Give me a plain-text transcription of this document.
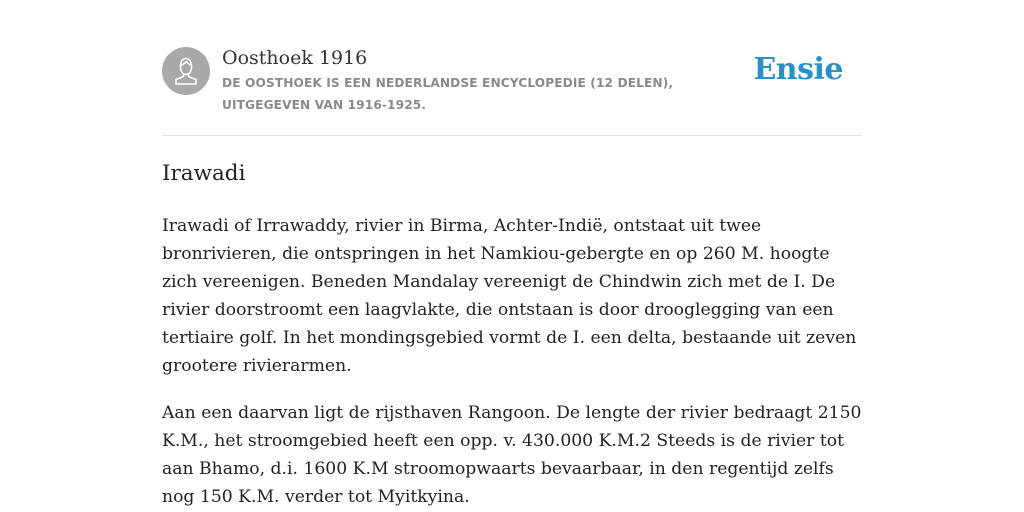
Oosthoek 1916
DE OOSTHOEK IS EEN NEDERLANDSE ENCYCLOPEDIE (12 DELEN), UITGEGEVEN VAN 1916-1925.
Ensie
Irawadi

Irawadi of Irrawaddy, rivier in Birma, Achter-Indië, ontstaat uit twee bronrivieren, die ontspringen in het Namkiou-gebergte en op 260 M. hoogte zich vereenigen. Beneden Mandalay vereenigt de Chindwin zich met de I. De rivier doorstroomt een laagvlakte, die ontstaan is door drooglegging van een tertiaire golf. In het mondingsgebied vormt de I. een delta, bestaande uit zeven grootere rivierarmen.

Aan een daarvan ligt de rijsthaven Rangoon. De lengte der rivier bedraagt 2150 K.M., het stroomgebied heeft een opp. v. 430.000 K.M.2 Steeds is de rivier tot aan Bhamo, d.i. 1600 K.M stroomopwaarts bevaarbaar, in den regentijd zelfs nog 150 K.M. verder tot Myitkyina.
